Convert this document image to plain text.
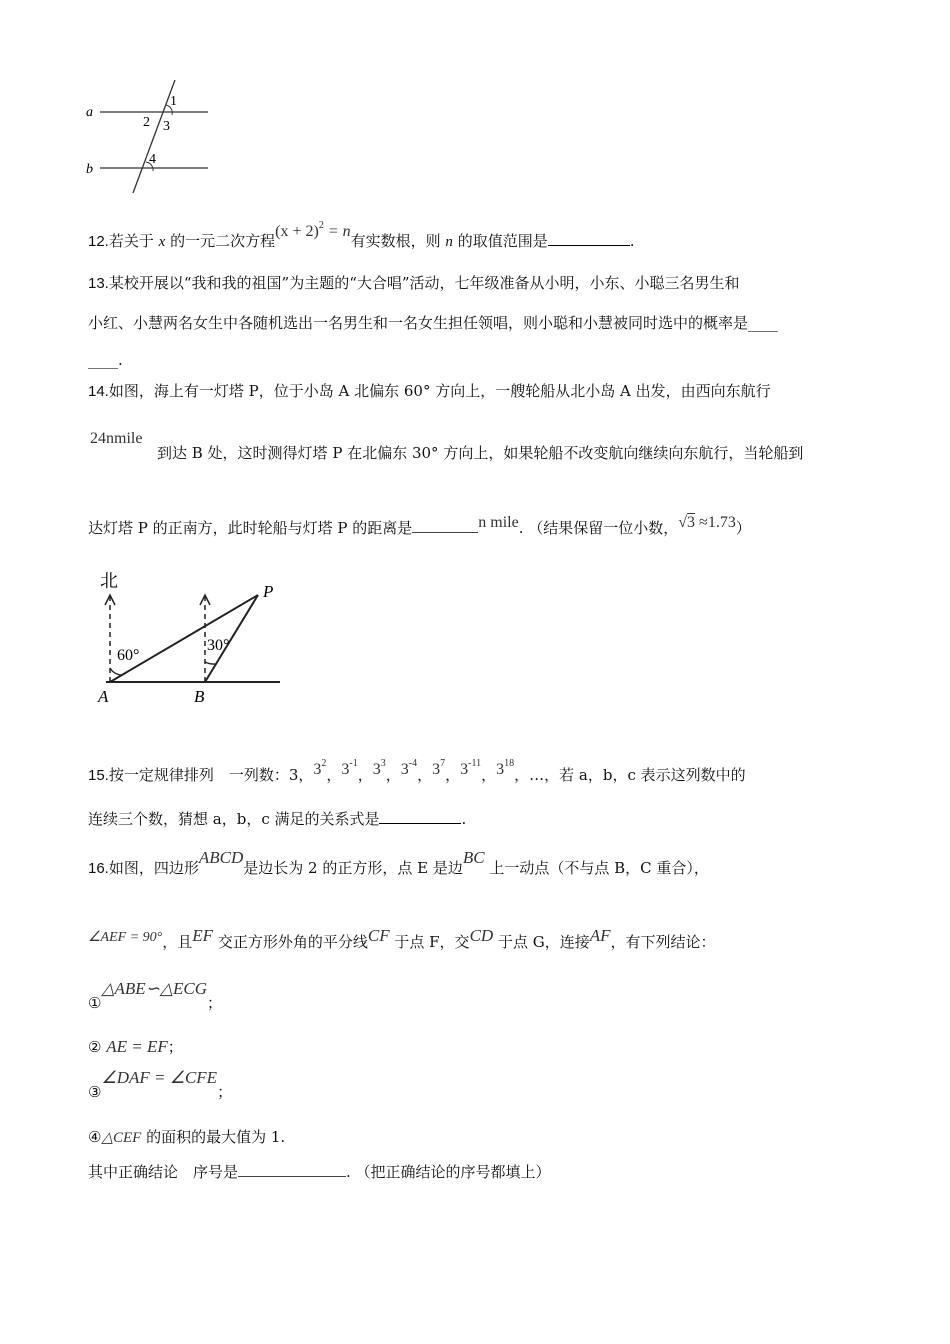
a
b
1
2 3
4
12.若关于 x 的一元二次方程$(x + 2)^2 = n$有实数根，则 n 的取值范围是	.
13.某校开展以“我和我的祖国”为主题的“大合唱”活动，七年级准备从小明，小东、小聪三名男生和
小红、小慧两名女生中各随机选出一名男生和一名女生担任领唱，则小聪和小慧被同时选中的概率是____
____.
14.如图，海上有一灯塔 P，位于小岛 A 北偏东 60° 方向上，一艘轮船从北小岛 A 出发，由西向东航行
24nmile
到达 B 处，这时测得灯塔 P 在北偏东 30° 方向上，如果轮船不改变航向继续向东航行，当轮船到
达灯塔 P 的正南方，此时轮船与灯塔 P 的距离是	n mile. （结果保留一位小数，√3 ≈1.73）
北
A	B
P
60°
30°
15.按一定规律排列　一列数：3，$3^2$，$3^{-1}$，$3^3$，$3^{-4}$，$3^7$，$3^{-11}$，$3^{18}$，…，若 a，b，c 表示这列数中的
连续三个数，猜想 a，b，c 满足的关系式是	.
16.如图，四边形ABCD是边长为 2 的正方形，点 E 是边BC 上一动点（不与点 B，C 重合），
∠AEF = 90°，且EF 交正方形外角的平分线CF 于点 F，交CD 于点 G，连接AF，有下列结论：
①△ABE∽△ECG；
② AE = EF；
③∠DAF = ∠CFE；
④△CEF 的面积的最大值为 1.
其中正确结论　序号是	. （把正确结论的序号都填上）
